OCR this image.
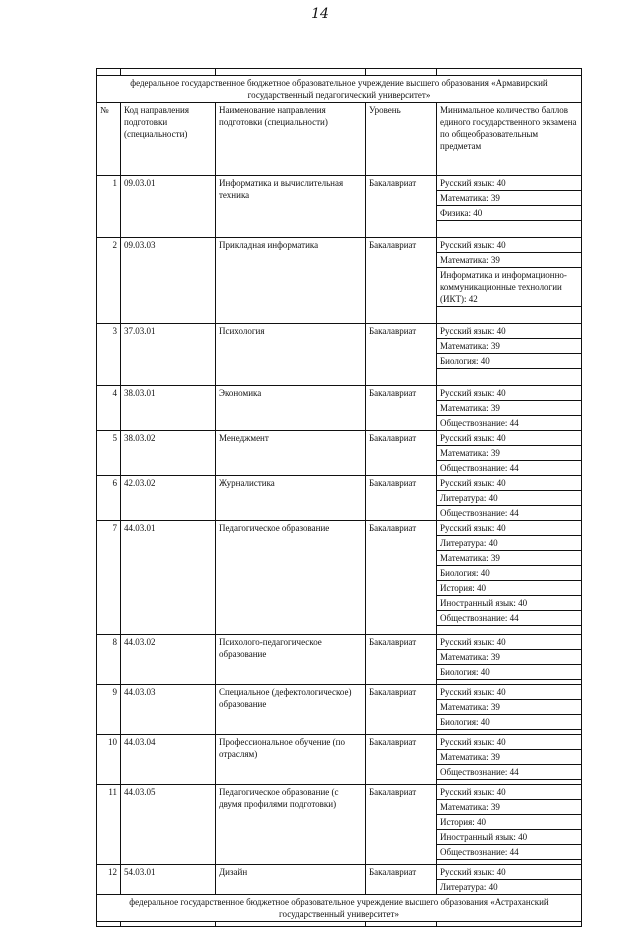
14

федеральное государственное бюджетное образовательное учреждение высшего образования «Армавирский государственный педагогический университет»				
№	Код направления подготовки (специальности)	Наименование направления подготовки (специальности)	Уровень	Минимальное количество баллов единого государственного экзамена по общеобразовательным предметам
1	09.03.01	Информатика и вычислительная техника	Бакалавриат	Русский язык: 40
				Математика: 39
				Физика: 40

2	09.03.03	Прикладная информатика	Бакалавриат	Русский язык: 40
				Математика: 39
				Информатика и информационно-коммуникационные технологии (ИКТ): 42

3	37.03.01	Психология	Бакалавриат	Русский язык: 40
				Математика: 39
				Биология: 40

4	38.03.01	Экономика	Бакалавриат	Русский язык: 40
				Математика: 39
				Обществознание: 44
5	38.03.02	Менеджмент	Бакалавриат	Русский язык: 40
				Математика: 39
				Обществознание: 44
6	42.03.02	Журналистика	Бакалавриат	Русский язык: 40
				Литература: 40
				Обществознание: 44
7	44.03.01	Педагогическое образование	Бакалавриат	Русский язык: 40
				Литература: 40
				Математика: 39
				Биология: 40
				История: 40
				Иностранный язык: 40
				Обществознание: 44

8	44.03.02	Психолого-педагогическое образование	Бакалавриат	Русский язык: 40
				Математика: 39
				Биология: 40

9	44.03.03	Специальное (дефектологическое) образование	Бакалавриат	Русский язык: 40
				Математика: 39
				Биология: 40

10	44.03.04	Профессиональное обучение (по отраслям)	Бакалавриат	Русский язык: 40
				Математика: 39
				Обществознание: 44

11	44.03.05	Педагогическое образование (с двумя профилями подготовки)	Бакалавриат	Русский язык: 40
				Математика: 39
				История: 40
				Иностранный язык: 40
				Обществознание: 44

12	54.03.01	Дизайн	Бакалавриат	Русский язык: 40
				Литература: 40
федеральное государственное бюджетное образовательное учреждение высшего образования «Астраханский государственный университет»				
